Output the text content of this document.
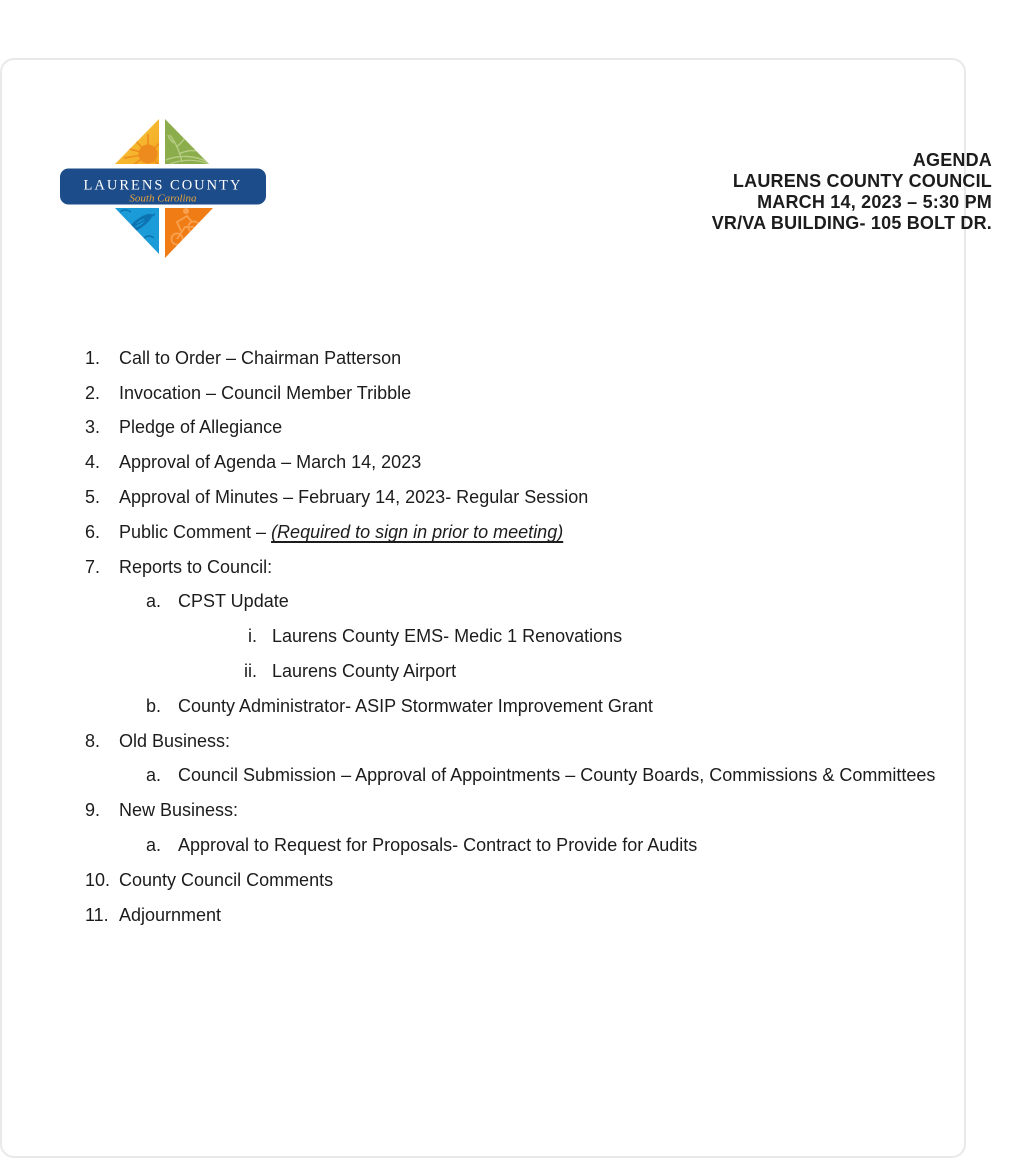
LAURENS COUNTY
South Carolina
AGENDA
LAURENS COUNTY COUNCIL
MARCH 14, 2023 – 5:30 PM
VR/VA BUILDING- 105 BOLT DR.
1.	Call to Order – Chairman Patterson
2.	Invocation – Council Member Tribble
3.	Pledge of Allegiance
4.	Approval of Agenda – March 14, 2023
5.	Approval of Minutes – February 14, 2023- Regular Session
6.	Public Comment – (Required to sign in prior to meeting)
7.	Reports to Council:
a. CPST Update
i. Laurens County EMS- Medic 1 Renovations
ii. Laurens County Airport
b. County Administrator- ASIP Stormwater Improvement Grant
8.	Old Business:
a. Council Submission – Approval of Appointments – County Boards, Commissions & Committees
9.	New Business:
a. Approval to Request for Proposals- Contract to Provide for Audits
10. County Council Comments
11. Adjournment
